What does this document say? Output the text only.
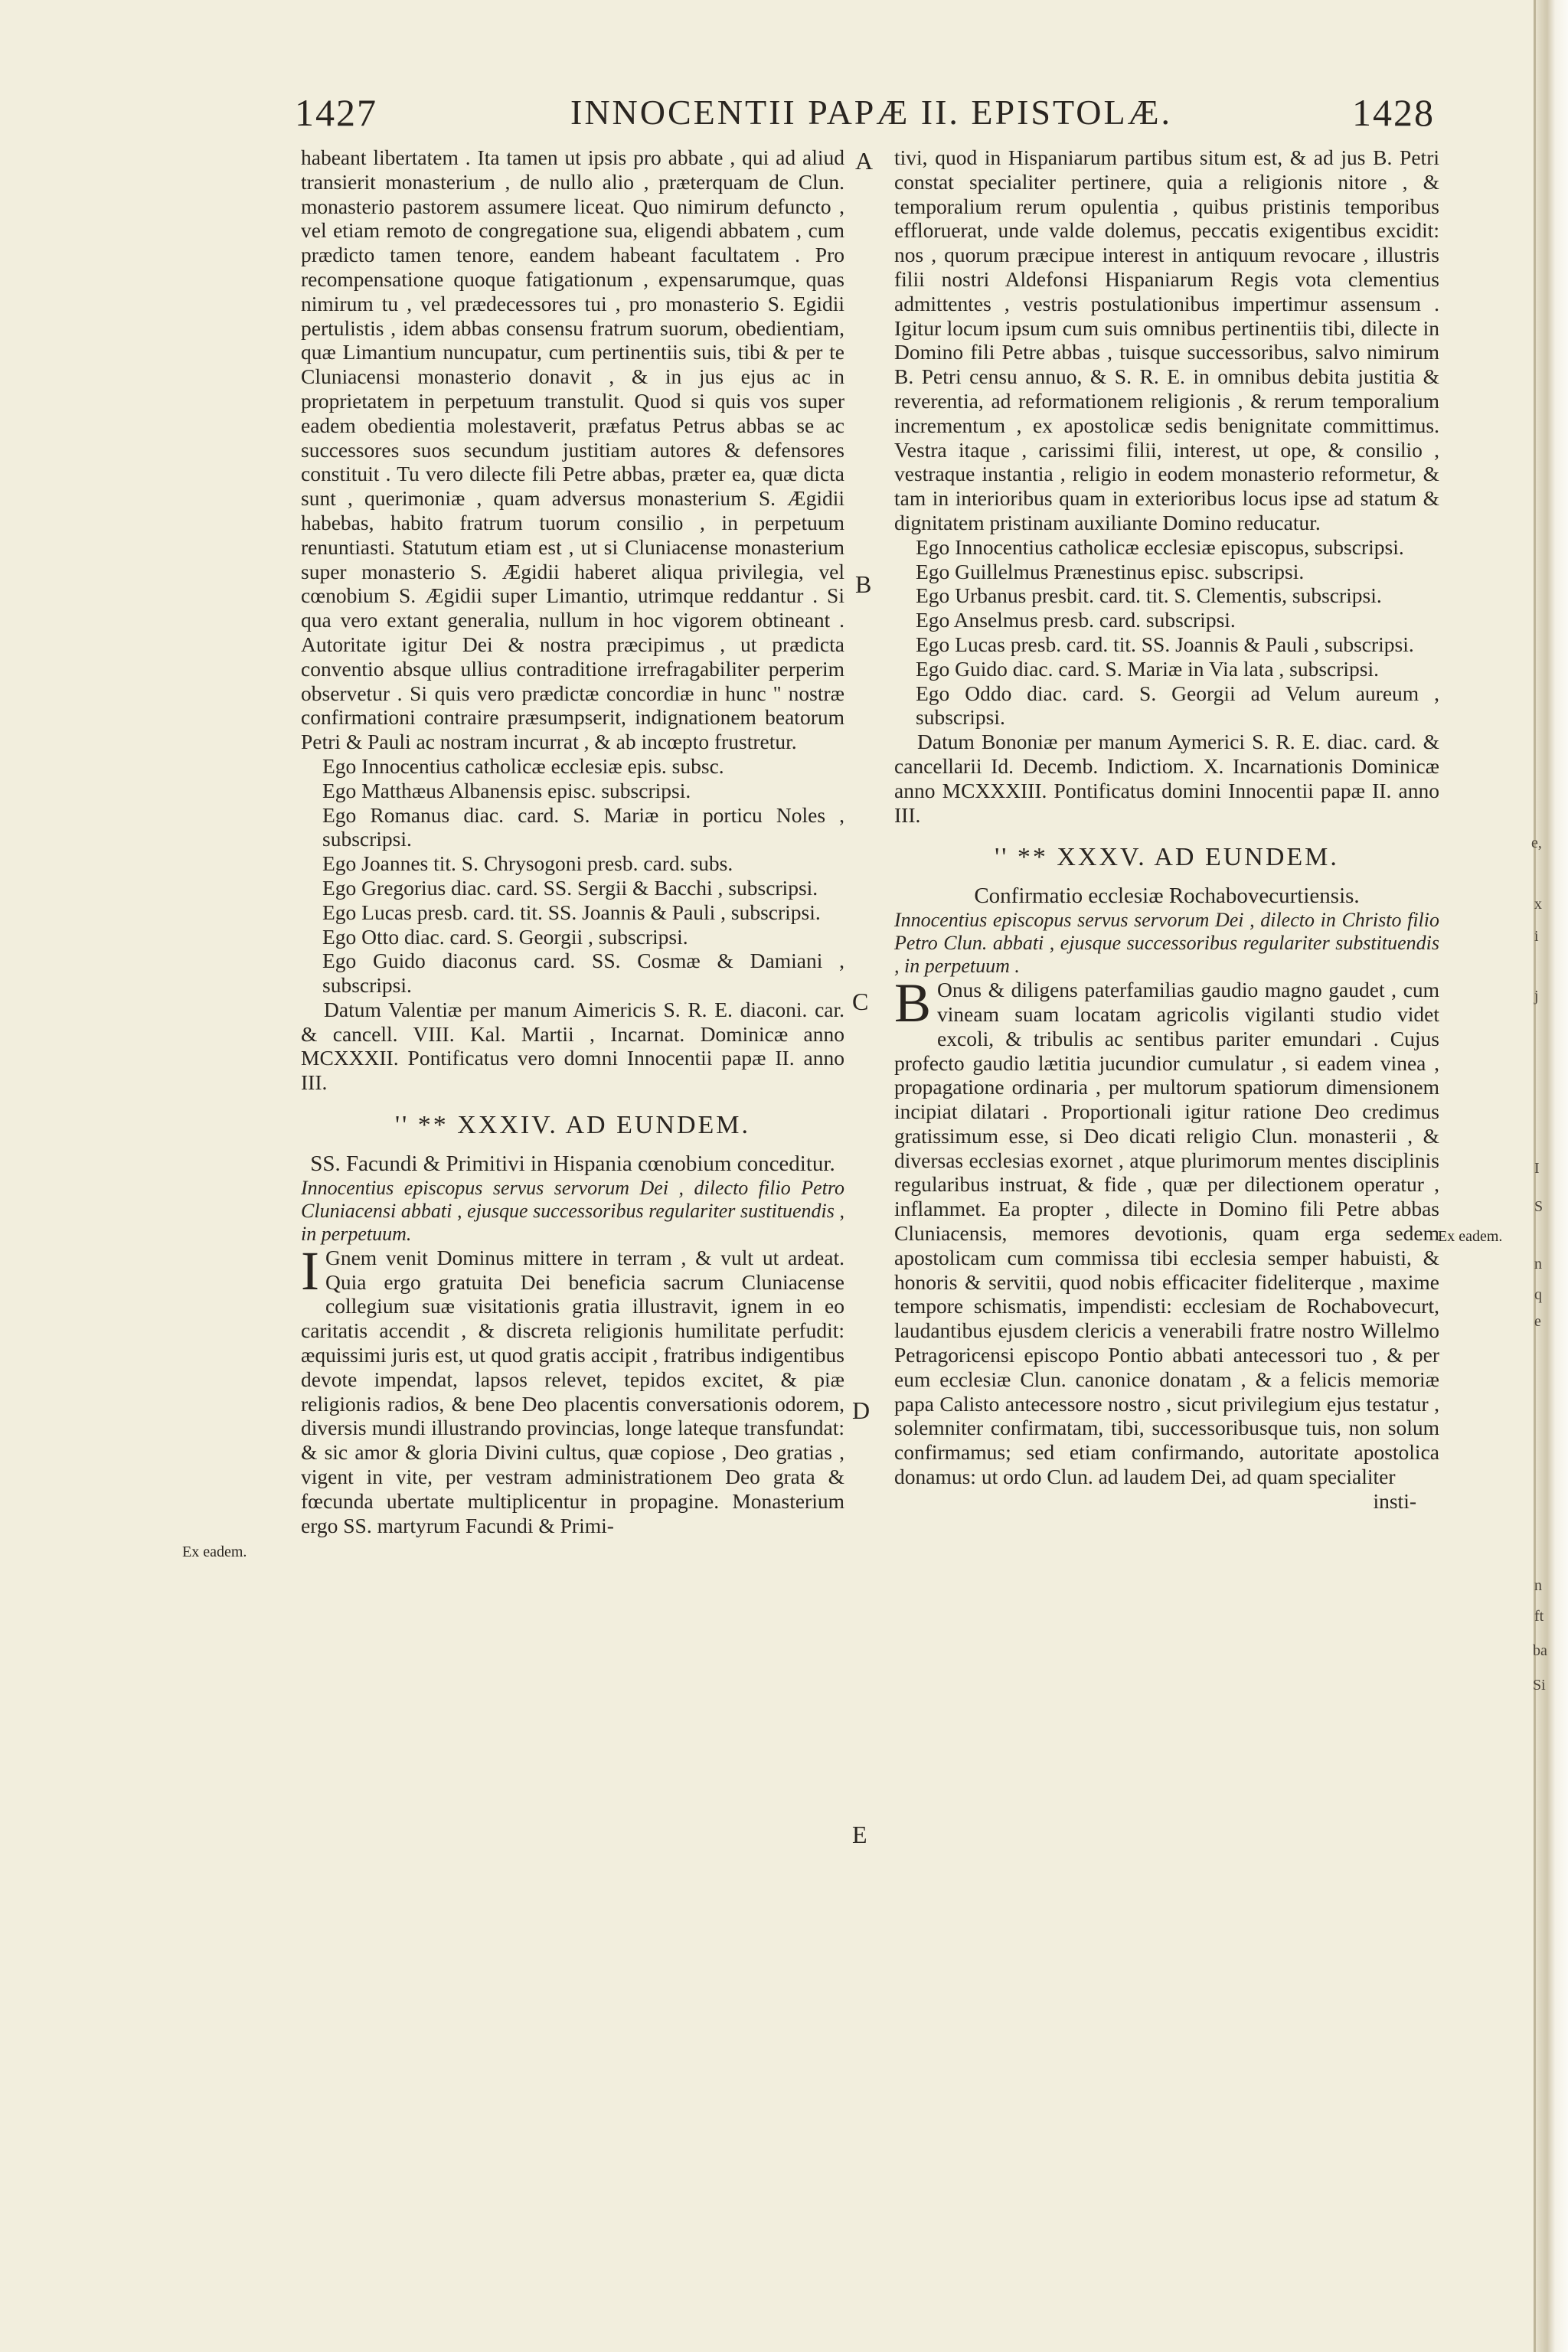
1427	INNOCENTII PAPÆ II. EPISTOLÆ.	1428
A
B
C
D
E
Ex eadem.
Ex eadem.
e,
x
i
j
I
S
n
q
e
n
ft
ba
Si

habeant libertatem . Ita tamen ut ipsis pro abbate , qui ad aliud transierit monasterium , de nullo alio , præterquam de Clun. monasterio pastorem assumere liceat. Quo nimirum defuncto , vel etiam remoto de congregatione sua, eligendi abbatem , cum prædicto tamen tenore, eandem habeant facultatem . Pro recompensatione quoque fatigationum , expensarumque, quas nimirum tu , vel prædecessores tui , pro monasterio S. Egidii pertulistis , idem abbas consensu fratrum suorum, obedientiam, quæ Limantium nuncupatur, cum pertinentiis suis, tibi & per te Cluniacensi monasterio donavit , & in jus ejus ac in proprietatem in perpetuum transtulit. Quod si quis vos super eadem obedientia molestaverit, præfatus Petrus abbas se ac successores suos secundum justitiam autores & defensores constituit . Tu vero dilecte fili Petre abbas, præter ea, quæ dicta sunt , querimoniæ , quam adversus monasterium S. Ægidii habebas, habito fratrum tuorum consilio , in perpetuum renuntiasti. Statutum etiam est , ut si Cluniacense monasterium super monasterio S. Ægidii haberet aliqua privilegia, vel cœnobium S. Ægidii super Limantio, utrimque reddantur . Si qua vero extant generalia, nullum in hoc vigorem obtineant . Autoritate igitur Dei & nostra præcipimus , ut prædicta conventio absque ullius contraditione irrefragabiliter perperim observetur . Si quis vero prædictæ concordiæ in hunc '' nostræ confirmationi contraire præsumpserit, indignationem beatorum Petri & Pauli ac nostram incurrat , & ab incœpto frustretur.

Ego Innocentius catholicæ ecclesiæ epis. subsc.

Ego Matthæus Albanensis episc. subscripsi.

Ego Romanus diac. card. S. Mariæ in porticu Noles , subscripsi.

Ego Joannes tit. S. Chrysogoni presb. card. subs.

Ego Gregorius diac. card. SS. Sergii & Bacchi , subscripsi.

Ego Lucas presb. card. tit. SS. Joannis & Pauli , subscripsi.

Ego Otto diac. card. S. Georgii , subscripsi.

Ego Guido diaconus card. SS. Cosmæ & Damiani , subscripsi.

Datum Valentiæ per manum Aimericis S. R. E. diaconi. car. & cancell. VIII. Kal. Martii , Incarnat. Dominicæ anno MCXXXII. Pontificatus vero domni Innocentii papæ II. anno III.

'' ** XXXIV. AD EUNDEM.

SS. Facundi & Primitivi in Hispania cœnobium conceditur.

Innocentius episcopus servus servorum Dei , dilecto filio Petro Cluniacensi abbati , ejusque successoribus regulariter sustituendis , in perpetuum.

I Gnem venit Dominus mittere in terram , & vult ut ardeat. Quia ergo gratuita Dei beneficia sacrum Cluniacense collegium suæ visitationis gratia illustravit, ignem in eo caritatis accendit , & discreta religionis humilitate perfudit: æquissimi juris est, ut quod gratis accipit , fratribus indigentibus devote impendat, lapsos relevet, tepidos excitet, & piæ religionis radios, & bene Deo placentis conversationis odorem, diversis mundi illustrando provincias, longe lateque transfundat: & sic amor & gloria Divini cultus, quæ copiose , Deo gratias , vigent in vite, per vestram administrationem Deo grata & fœcunda ubertate multiplicentur in propagine. Monasterium ergo SS. martyrum Facundi & Primi-

tivi, quod in Hispaniarum partibus situm est, & ad jus B. Petri constat specialiter pertinere, quia a religionis nitore , & temporalium rerum opulentia , quibus pristinis temporibus effloruerat, unde valde dolemus, peccatis exigentibus excidit: nos , quorum præcipue interest in antiquum revocare , illustris filii nostri Aldefonsi Hispaniarum Regis vota clementius admittentes , vestris postulationibus impertimur assensum . Igitur locum ipsum cum suis omnibus pertinentiis tibi, dilecte in Domino fili Petre abbas , tuisque successoribus, salvo nimirum B. Petri censu annuo, & S. R. E. in omnibus debita justitia & reverentia, ad reformationem religionis , & rerum temporalium incrementum , ex apostolicæ sedis benignitate committimus. Vestra itaque , carissimi filii, interest, ut ope, & consilio , vestraque instantia , religio in eodem monasterio reformetur, & tam in interioribus quam in exterioribus locus ipse ad statum & dignitatem pristinam auxiliante Domino reducatur.

Ego Innocentius catholicæ ecclesiæ episcopus, subscripsi.

Ego Guillelmus Prænestinus episc. subscripsi.

Ego Urbanus presbit. card. tit. S. Clementis, subscripsi.

Ego Anselmus presb. card. subscripsi.

Ego Lucas presb. card. tit. SS. Joannis & Pauli , subscripsi.

Ego Guido diac. card. S. Mariæ in Via lata , subscripsi.

Ego Oddo diac. card. S. Georgii ad Velum aureum , subscripsi.

Datum Bononiæ per manum Aymerici S. R. E. diac. card. & cancellarii Id. Decemb. Indictiom. X. Incarnationis Dominicæ anno MCXXXIII. Pontificatus domini Innocentii papæ II. anno III.

'' ** XXXV. AD EUNDEM.

Confirmatio ecclesiæ Rochabovecurtiensis.

Innocentius episcopus servus servorum Dei , dilecto in Christo filio Petro Clun. abbati , ejusque successoribus regulariter substituendis , in perpetuum .

B Onus & diligens paterfamilias gaudio magno gaudet , cum vineam suam locatam agricolis vigilanti studio videt excoli, & tribulis ac sentibus pariter emundari . Cujus profecto gaudio lætitia jucundior cumulatur , si eadem vinea , propagatione ordinaria , per multorum spatiorum dimensionem incipiat dilatari . Proportionali igitur ratione Deo credimus gratissimum esse, si Deo dicati religio Clun. monasterii , & diversas ecclesias exornet , atque plurimorum mentes disciplinis regularibus instruat, & fide , quæ per dilectionem operatur , inflammet. Ea propter , dilecte in Domino fili Petre abbas Cluniacensis, memores devotionis, quam erga sedem apostolicam cum commissa tibi ecclesia semper habuisti, & honoris & servitii, quod nobis efficaciter fideliterque , maxime tempore schismatis, impendisti: ecclesiam de Rochabovecurt, laudantibus ejusdem clericis a venerabili fratre nostro Willelmo Petragoricensi episcopo Pontio abbati antecessori tuo , & per eum ecclesiæ Clun. canonice donatam , & a felicis memoriæ papa Calisto antecessore nostro , sicut privilegium ejus testatur , solemniter confirmatam, tibi, successoribusque tuis, non solum confirmamus; sed etiam confirmando, autoritate apostolica donamus: ut ordo Clun. ad laudem Dei, ad quam specialiter

insti-
